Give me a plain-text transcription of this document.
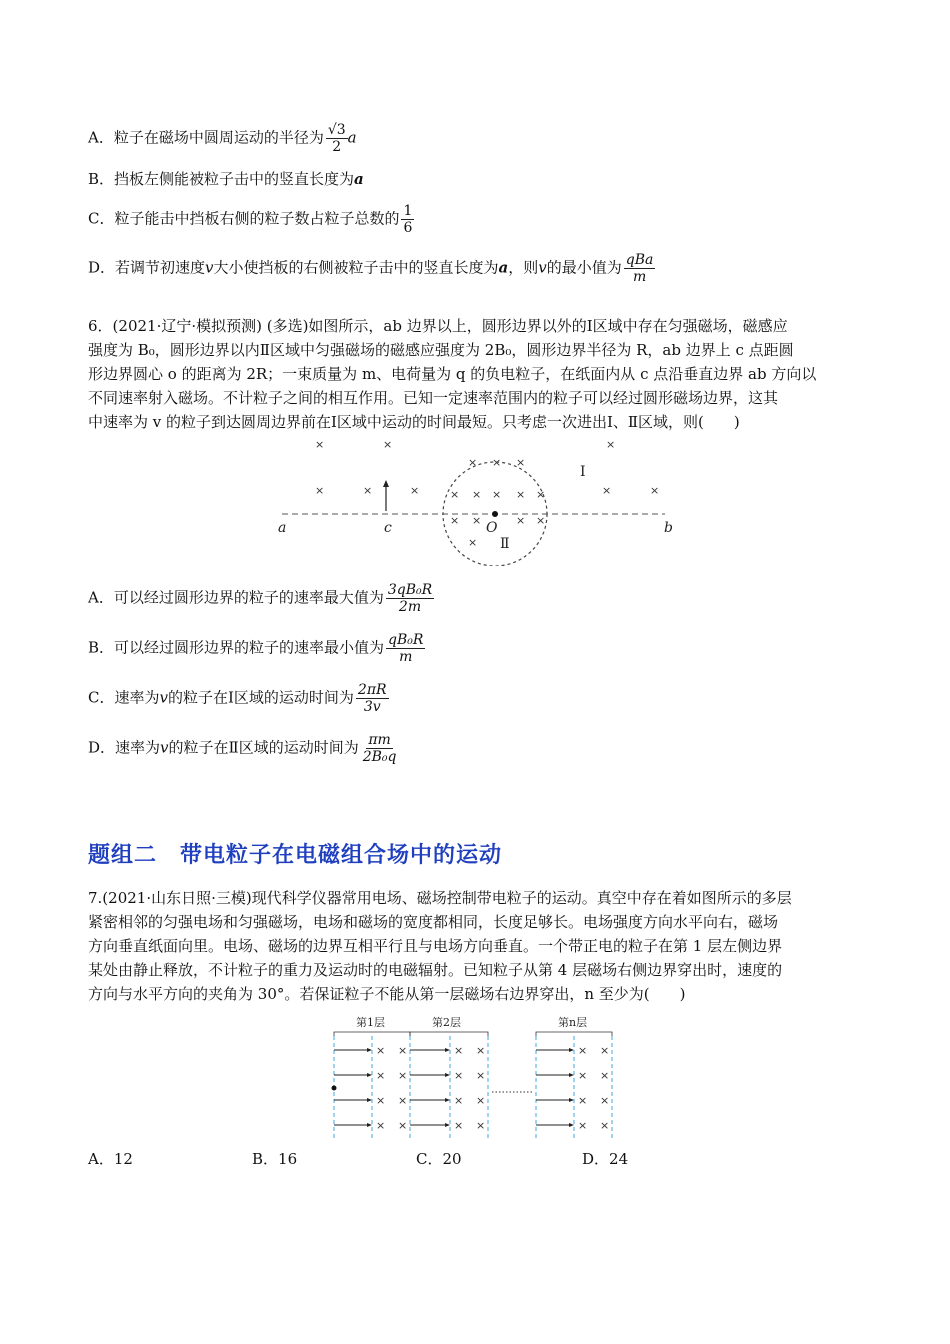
A．粒子在磁场中圆周运动的半径为 $\frac{√3}{2}$ a
B．挡板左侧能被粒子击中的竖直长度为a
C．粒子能击中挡板右侧的粒子数占粒子总数的 $\frac{1}{6}$
D．若调节初速度v大小使挡板的右侧被粒子击中的竖直长度为a，则v的最小值为 $\frac{\text{qBa}}{m}$
6．(2021·辽宁·模拟预测) (多选)如图所示，ab 边界以上，圆形边界以外的Ⅰ区域中存在匀强磁场，磁感应
强度为 B₀，圆形边界以内Ⅱ区域中匀强磁场的磁感应强度为 2B₀，圆形边界半径为 R，ab 边界上 c 点距圆
形边界圆心 o 的距离为 2R；一束质量为 m、电荷量为 q 的负电粒子，在纸面内从 c 点沿垂直边界 ab 方向以
不同速率射入磁场。不计粒子之间的相互作用。已知一定速率范围内的粒子可以经过圆形磁场边界，这其
中速率为 v 的粒子到达圆周边界前在Ⅰ区域中运动的时间最短。只考虑一次进出Ⅰ、Ⅱ区域，则(　　)
×	×	×
×	×	×	×	×
× × ×
× × × × ×
× ×	× ×
×
a	c	O	b
Ⅰ
Ⅱ
A．可以经过圆形边界的粒子的速率最大值为 $\frac{\text{3qB₀R}}{2m}$
B．可以经过圆形边界的粒子的速率最小值为 $\frac{\text{qB₀R}}{m}$
C．速率为v的粒子在Ⅰ区域的运动时间为 $\frac{2\pi R}{3v}$
D．速率为v的粒子在Ⅱ区域的运动时间为 $\frac{\pi m}{\text{2B₀q}}$
题组二　带电粒子在电磁组合场中的运动
7.(2021·山东日照·三模)现代科学仪器常用电场、磁场控制带电粒子的运动。真空中存在着如图所示的多层
紧密相邻的匀强电场和匀强磁场，电场和磁场的宽度都相同，长度足够长。电场强度方向水平向右，磁场
方向垂直纸面向里。电场、磁场的边界互相平行且与电场方向垂直。一个带正电的粒子在第 1 层左侧边界
某处由静止释放，不计粒子的重力及运动时的电磁辐射。已知粒子从第 4 层磁场右侧边界穿出时，速度的
方向与水平方向的夹角为 30°。若保证粒子不能从第一层磁场右边界穿出，n 至少为(　　)
第1层	第2层	第n层
× ×
× ×
× ×
× ×
× ×
× ×
× ×
× ×
× ×
× ×
× ×
× ×
A．12	B．16	C．20	D．24
